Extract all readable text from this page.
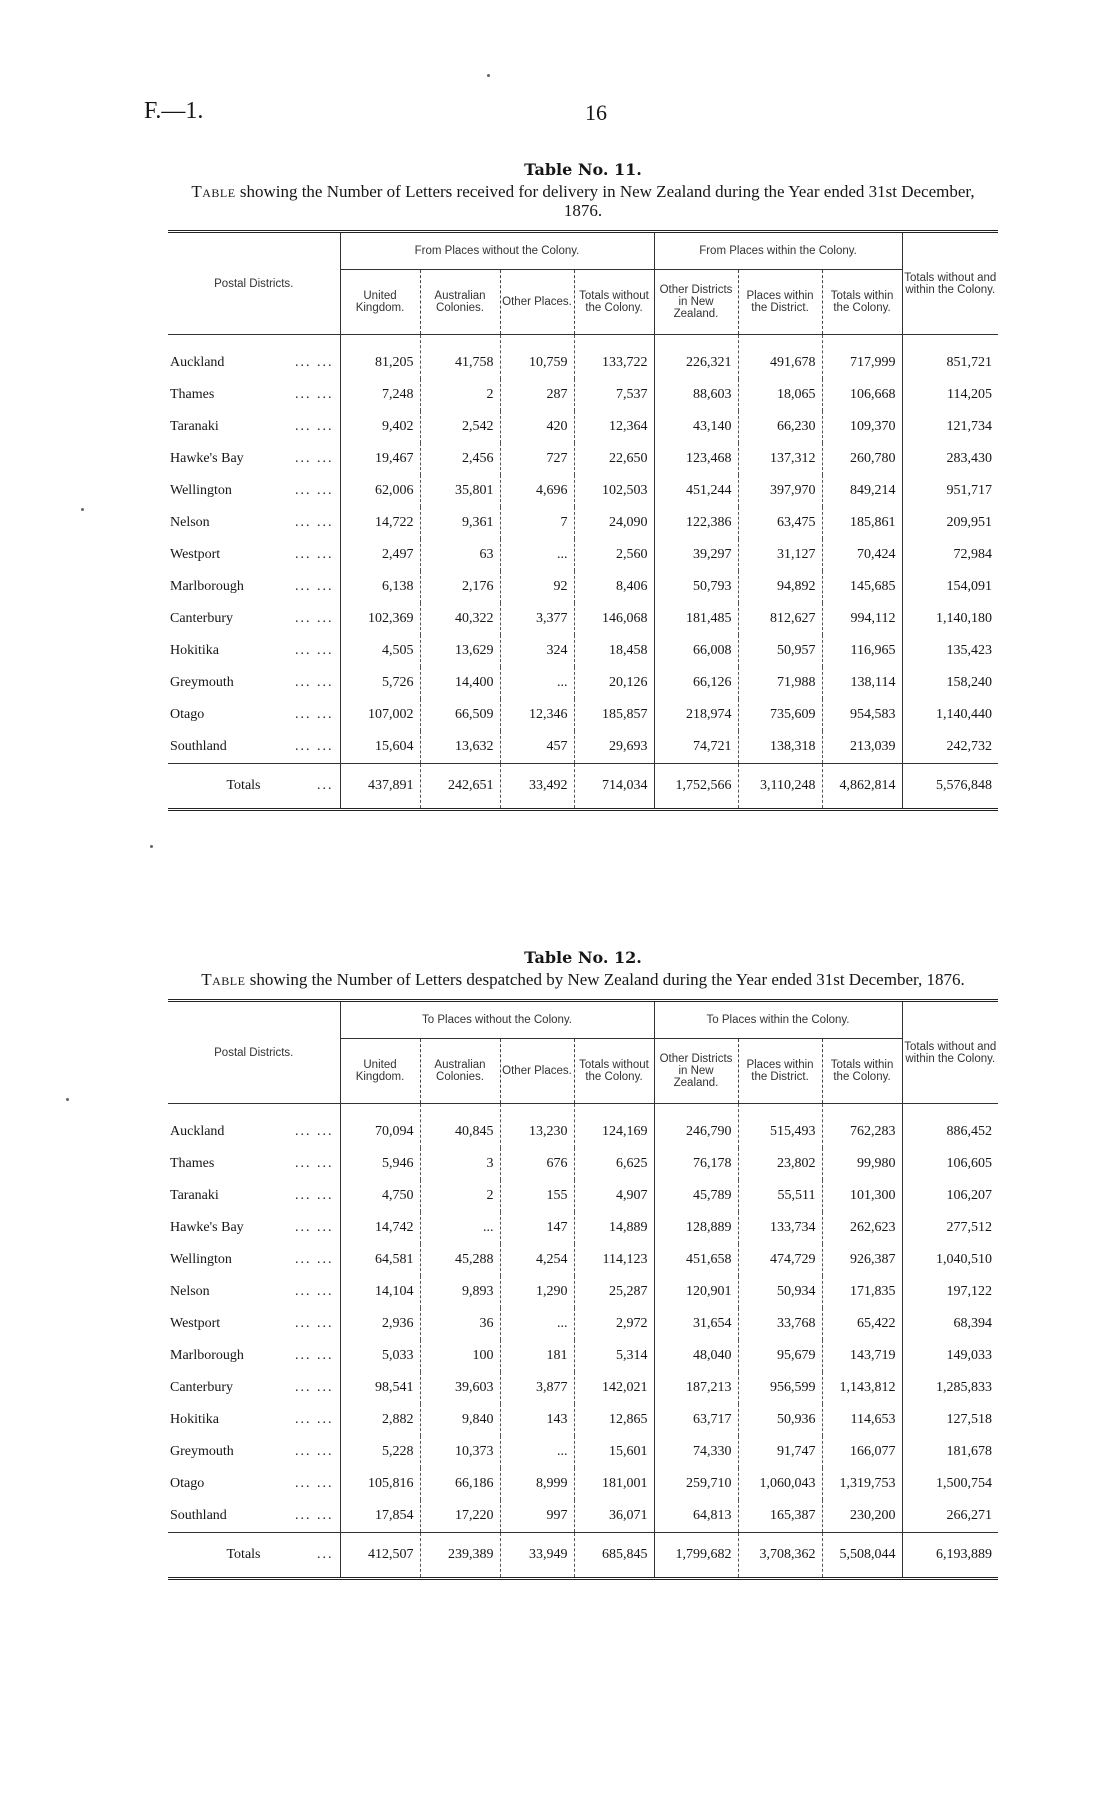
F.—1.	16
Table No. 11.
Table showing the Number of Letters received for delivery in New Zealand during the Year ended 31st December, 1876.
Postal Districts.	From Places without the Colony.				From Places within the Colony.			Totals without and within the Colony.
	United Kingdom.	Australian Colonies.	Other Places.	Totals without the Colony.	Other Districts in New Zealand.	Places within the District.	Totals within the Colony.	
Auckland ... ...	81,205	41,758	10,759	133,722	226,321	491,678	717,999	851,721
Thames ... ...	7,248	2	287	7,537	88,603	18,065	106,668	114,205
Taranaki ... ...	9,402	2,542	420	12,364	43,140	66,230	109,370	121,734
Hawke's Bay ... ...	19,467	2,456	727	22,650	123,468	137,312	260,780	283,430
Wellington ... ...	62,006	35,801	4,696	102,503	451,244	397,970	849,214	951,717
Nelson ... ...	14,722	9,361	7	24,090	122,386	63,475	185,861	209,951
Westport ... ...	2,497	63	...	2,560	39,297	31,127	70,424	72,984
Marlborough ... ...	6,138	2,176	92	8,406	50,793	94,892	145,685	154,091
Canterbury ... ...	102,369	40,322	3,377	146,068	181,485	812,627	994,112	1,140,180
Hokitika ... ...	4,505	13,629	324	18,458	66,008	50,957	116,965	135,423
Greymouth ... ...	5,726	14,400	...	20,126	66,126	71,988	138,114	158,240
Otago ... ...	107,002	66,509	12,346	185,857	218,974	735,609	954,583	1,140,440
Southland ... ...	15,604	13,632	457	29,693	74,721	138,318	213,039	242,732
Totals ...	437,891	242,651	33,492	714,034	1,752,566	3,110,248	4,862,814	5,576,848
Table No. 12.
Table showing the Number of Letters despatched by New Zealand during the Year ended 31st December, 1876.
Postal Districts.	To Places without the Colony.				To Places within the Colony.			Totals without and within the Colony.
	United Kingdom.	Australian Colonies.	Other Places.	Totals without the Colony.	Other Districts in New Zealand.	Places within the District.	Totals within the Colony.	
Auckland ... ...	70,094	40,845	13,230	124,169	246,790	515,493	762,283	886,452
Thames ... ...	5,946	3	676	6,625	76,178	23,802	99,980	106,605
Taranaki ... ...	4,750	2	155	4,907	45,789	55,511	101,300	106,207
Hawke's Bay ... ...	14,742	...	147	14,889	128,889	133,734	262,623	277,512
Wellington ... ...	64,581	45,288	4,254	114,123	451,658	474,729	926,387	1,040,510
Nelson ... ...	14,104	9,893	1,290	25,287	120,901	50,934	171,835	197,122
Westport ... ...	2,936	36	...	2,972	31,654	33,768	65,422	68,394
Marlborough ... ...	5,033	100	181	5,314	48,040	95,679	143,719	149,033
Canterbury ... ...	98,541	39,603	3,877	142,021	187,213	956,599	1,143,812	1,285,833
Hokitika ... ...	2,882	9,840	143	12,865	63,717	50,936	114,653	127,518
Greymouth ... ...	5,228	10,373	...	15,601	74,330	91,747	166,077	181,678
Otago ... ...	105,816	66,186	8,999	181,001	259,710	1,060,043	1,319,753	1,500,754
Southland ... ...	17,854	17,220	997	36,071	64,813	165,387	230,200	266,271
Totals ...	412,507	239,389	33,949	685,845	1,799,682	3,708,362	5,508,044	6,193,889
